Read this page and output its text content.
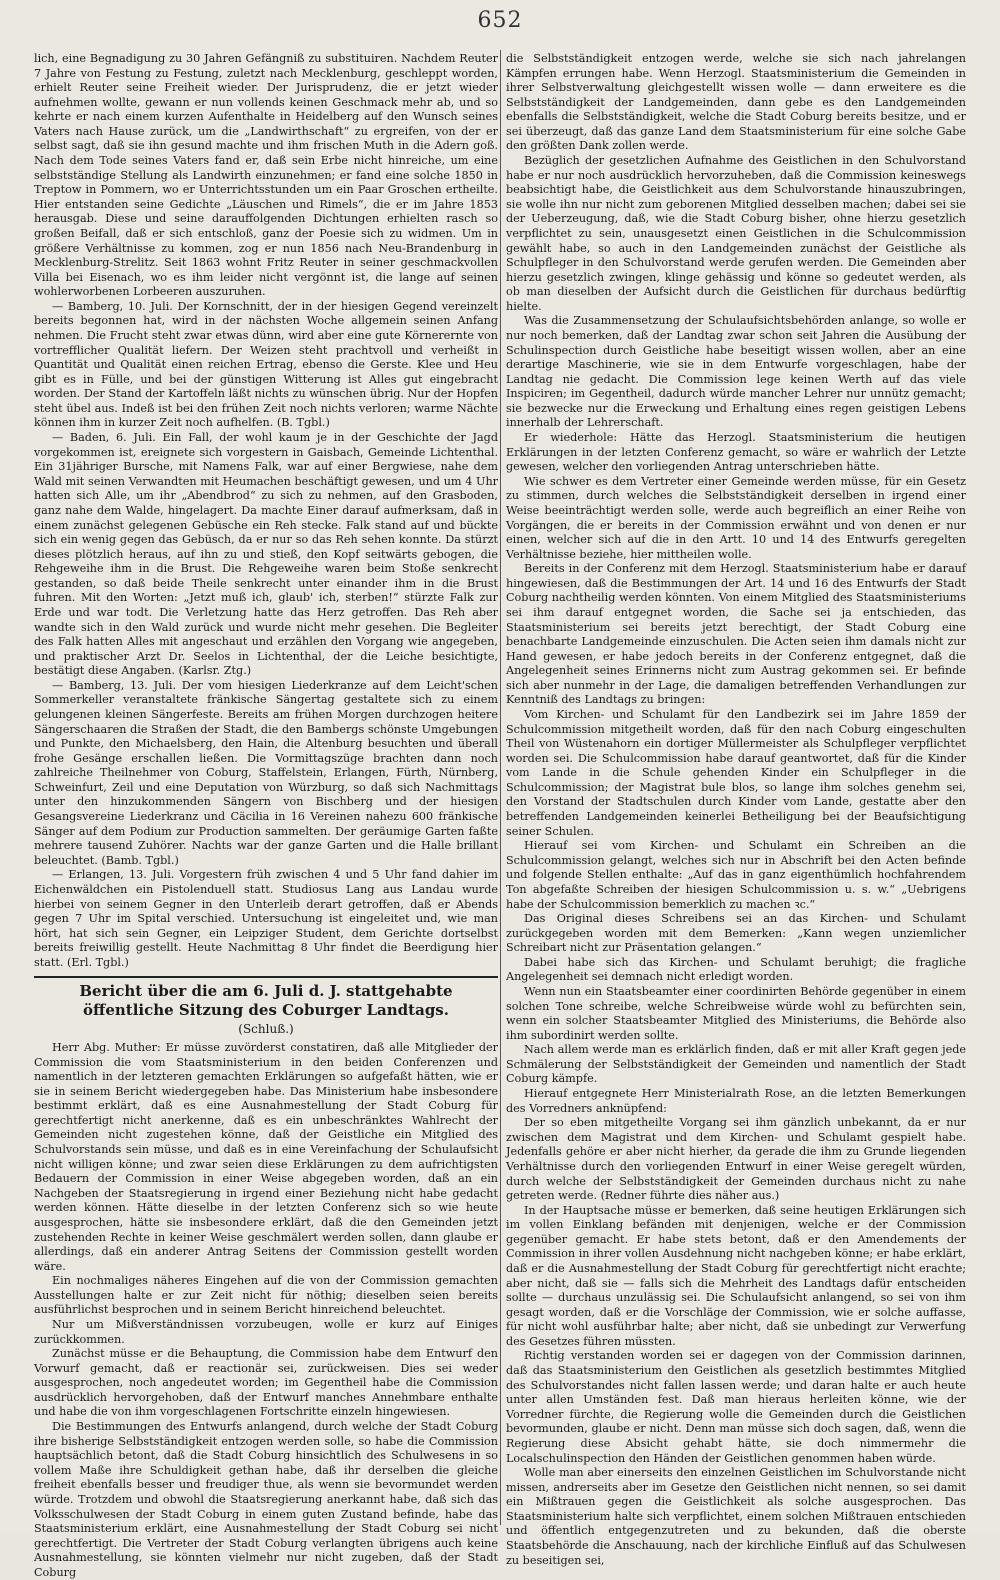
652

lich, eine Begnadigung zu 30 Jahren Gefängniß zu substituiren. Nachdem Reuter 7 Jahre von Festung zu Festung, zuletzt nach Mecklenburg, geschleppt worden, erhielt Reuter seine Freiheit wieder. Der Jurisprudenz, die er jetzt wieder aufnehmen wollte, gewann er nun vollends keinen Geschmack mehr ab, und so kehrte er nach einem kurzen Aufenthalte in Heidelberg auf den Wunsch seines Vaters nach Hause zurück, um die „Landwirthschaft“ zu ergreifen, von der er selbst sagt, daß sie ihn gesund machte und ihm frischen Muth in die Adern goß. Nach dem Tode seines Vaters fand er, daß sein Erbe nicht hinreiche, um eine selbstständige Stellung als Landwirth einzunehmen; er fand eine solche 1850 in Treptow in Pommern, wo er Unterrichtsstunden um ein Paar Groschen ertheilte. Hier entstanden seine Gedichte „Läuschen und Rimels“, die er im Jahre 1853 herausgab. Diese und seine darauffolgenden Dichtungen erhielten rasch so großen Beifall, daß er sich entschloß, ganz der Poesie sich zu widmen. Um in größere Verhältnisse zu kommen, zog er nun 1856 nach Neu-Brandenburg in Mecklenburg-Strelitz. Seit 1863 wohnt Fritz Reuter in seiner geschmackvollen Villa bei Eisenach, wo es ihm leider nicht vergönnt ist, die lange auf seinen wohlerworbenen Lorbeeren auszuruhen.

— Bamberg, 10. Juli. Der Kornschnitt, der in der hiesigen Gegend vereinzelt bereits begonnen hat, wird in der nächsten Woche allgemein seinen Anfang nehmen. Die Frucht steht zwar etwas dünn, wird aber eine gute Körnerernte von vortrefflicher Qualität liefern. Der Weizen steht prachtvoll und verheißt in Quantität und Qualität einen reichen Ertrag, ebenso die Gerste. Klee und Heu gibt es in Fülle, und bei der günstigen Witterung ist Alles gut eingebracht worden. Der Stand der Kartoffeln läßt nichts zu wünschen übrig. Nur der Hopfen steht übel aus. Indeß ist bei den frühen Zeit noch nichts verloren; warme Nächte können ihm in kurzer Zeit noch aufhelfen. (B. Tgbl.)

— Baden, 6. Juli. Ein Fall, der wohl kaum je in der Geschichte der Jagd vorgekommen ist, ereignete sich vorgestern in Gaisbach, Gemeinde Lichtenthal. Ein 31jähriger Bursche, mit Namens Falk, war auf einer Bergwiese, nahe dem Wald mit seinen Verwandten mit Heumachen beschäftigt gewesen, und um 4 Uhr hatten sich Alle, um ihr „Abendbrod“ zu sich zu nehmen, auf den Grasboden, ganz nahe dem Walde, hingelagert. Da machte Einer darauf aufmerksam, daß in einem zunächst gelegenen Gebüsche ein Reh stecke. Falk stand auf und bückte sich ein wenig gegen das Gebüsch, da er nur so das Reh sehen konnte. Da stürzt dieses plötzlich heraus, auf ihn zu und stieß, den Kopf seitwärts gebogen, die Rehgeweihe ihm in die Brust. Die Rehgeweihe waren beim Stoße senkrecht gestanden, so daß beide Theile senkrecht unter einander ihm in die Brust fuhren. Mit den Worten: „Jetzt muß ich, glaub' ich, sterben!“ stürzte Falk zur Erde und war todt. Die Verletzung hatte das Herz getroffen. Das Reh aber wandte sich in den Wald zurück und wurde nicht mehr gesehen. Die Begleiter des Falk hatten Alles mit angeschaut und erzählen den Vorgang wie angegeben, und praktischer Arzt Dr. Seelos in Lichtenthal, der die Leiche besichtigte, bestätigt diese Angaben. (Karlsr. Ztg.)

— Bamberg, 13. Juli. Der vom hiesigen Liederkranze auf dem Leicht'schen Sommerkeller veranstaltete fränkische Sängertag gestaltete sich zu einem gelungenen kleinen Sängerfeste. Bereits am frühen Morgen durchzogen heitere Sängerschaaren die Straßen der Stadt, die den Bambergs schönste Umgebungen und Punkte, den Michaelsberg, den Hain, die Altenburg besuchten und überall frohe Gesänge erschallen ließen. Die Vormittagszüge brachten dann noch zahlreiche Theilnehmer von Coburg, Staffelstein, Erlangen, Fürth, Nürnberg, Schweinfurt, Zeil und eine Deputation von Würzburg, so daß sich Nachmittags unter den hinzukommenden Sängern von Bischberg und der hiesigen Gesangsvereine Liederkranz und Cäcilia in 16 Vereinen nahezu 600 fränkische Sänger auf dem Podium zur Production sammelten. Der geräumige Garten faßte mehrere tausend Zuhörer. Nachts war der ganze Garten und die Halle brillant beleuchtet. (Bamb. Tgbl.)

— Erlangen, 13. Juli. Vorgestern früh zwischen 4 und 5 Uhr fand dahier im Eichenwäldchen ein Pistolenduell statt. Studiosus Lang aus Landau wurde hierbei von seinem Gegner in den Unterleib derart getroffen, daß er Abends gegen 7 Uhr im Spital verschied. Untersuchung ist eingeleitet und, wie man hört, hat sich sein Gegner, ein Leipziger Student, dem Gerichte dortselbst bereits freiwillig gestellt. Heute Nachmittag 8 Uhr findet die Beerdigung hier statt. (Erl. Tgbl.)

Bericht über die am 6. Juli d. J. stattgehabte öffentliche Sitzung des Coburger Landtags.
(Schluß.)

Herr Abg. Muther: Er müsse zuvörderst constatiren, daß alle Mitglieder der Commission die vom Staatsministerium in den beiden Conferenzen und namentlich in der letzteren gemachten Erklärungen so aufgefaßt hätten, wie er sie in seinem Bericht wiedergegeben habe. Das Ministerium habe insbesondere bestimmt erklärt, daß es eine Ausnahmestellung der Stadt Coburg für gerechtfertigt nicht anerkenne, daß es ein unbeschränktes Wahlrecht der Gemeinden nicht zugestehen könne, daß der Geistliche ein Mitglied des Schulvorstands sein müsse, und daß es in eine Vereinfachung der Schulaufsicht nicht willigen könne; und zwar seien diese Erklärungen zu dem aufrichtigsten Bedauern der Commission in einer Weise abgegeben worden, daß an ein Nachgeben der Staatsregierung in irgend einer Beziehung nicht habe gedacht werden können. Hätte dieselbe in der letzten Conferenz sich so wie heute ausgesprochen, hätte sie insbesondere erklärt, daß die den Gemeinden jetzt zustehenden Rechte in keiner Weise geschmälert werden sollen, dann glaube er allerdings, daß ein anderer Antrag Seitens der Commission gestellt worden wäre.

Ein nochmaliges näheres Eingehen auf die von der Commission gemachten Ausstellungen halte er zur Zeit nicht für nöthig; dieselben seien bereits ausführlichst besprochen und in seinem Bericht hinreichend beleuchtet.

Nur um Mißverständnissen vorzubeugen, wolle er kurz auf Einiges zurückkommen.

Zunächst müsse er die Behauptung, die Commission habe dem Entwurf den Vorwurf gemacht, daß er reactionär sei, zurückweisen. Dies sei weder ausgesprochen, noch angedeutet worden; im Gegentheil habe die Commission ausdrücklich hervorgehoben, daß der Entwurf manches Annehmbare enthalte und habe die von ihm vorgeschlagenen Fortschritte einzeln hingewiesen.

Die Bestimmungen des Entwurfs anlangend, durch welche der Stadt Coburg ihre bisherige Selbstständigkeit entzogen werden solle, so habe die Commission hauptsächlich betont, daß die Stadt Coburg hinsichtlich des Schulwesens in so vollem Maße ihre Schuldigkeit gethan habe, daß ihr derselben die gleiche freiheit ebenfalls besser und freudiger thue, als wenn sie bevormundet werden würde. Trotzdem und obwohl die Staatsregierung anerkannt habe, daß sich das Volksschulwesen der Stadt Coburg in einem guten Zustand befinde, habe das Staatsministerium erklärt, eine Ausnahmestellung der Stadt Coburg sei nicht gerechtfertigt. Die Vertreter der Stadt Coburg verlangten übrigens auch keine Ausnahmestellung, sie könnten vielmehr nur nicht zugeben, daß der Stadt Coburg

die Selbstständigkeit entzogen werde, welche sie sich nach jahrelangen Kämpfen errungen habe. Wenn Herzogl. Staatsministerium die Gemeinden in ihrer Selbstverwaltung gleichgestellt wissen wolle — dann erweitere es die Selbstständigkeit der Landgemeinden, dann gebe es den Landgemeinden ebenfalls die Selbstständigkeit, welche die Stadt Coburg bereits besitze, und er sei überzeugt, daß das ganze Land dem Staatsministerium für eine solche Gabe den größten Dank zollen werde.

Bezüglich der gesetzlichen Aufnahme des Geistlichen in den Schulvorstand habe er nur noch ausdrücklich hervorzuheben, daß die Commission keineswegs beabsichtigt habe, die Geistlichkeit aus dem Schulvorstande hinauszubringen, sie wolle ihn nur nicht zum geborenen Mitglied desselben machen; dabei sei sie der Ueberzeugung, daß, wie die Stadt Coburg bisher, ohne hierzu gesetzlich verpflichtet zu sein, unausgesetzt einen Geistlichen in die Schulcommission gewählt habe, so auch in den Landgemeinden zunächst der Geistliche als Schulpfleger in den Schulvorstand werde gerufen werden. Die Gemeinden aber hierzu gesetzlich zwingen, klinge gehässig und könne so gedeutet werden, als ob man dieselben der Aufsicht durch die Geistlichen für durchaus bedürftig hielte.

Was die Zusammensetzung der Schulaufsichtsbehörden anlange, so wolle er nur noch bemerken, daß der Landtag zwar schon seit Jahren die Ausübung der Schulinspection durch Geistliche habe beseitigt wissen wollen, aber an eine derartige Maschinerie, wie sie in dem Entwurfe vorgeschlagen, habe der Landtag nie gedacht. Die Commission lege keinen Werth auf das viele Inspiciren; im Gegentheil, dadurch würde mancher Lehrer nur unnütz gemacht; sie bezwecke nur die Erweckung und Erhaltung eines regen geistigen Lebens innerhalb der Lehrerschaft.

Er wiederhole: Hätte das Herzogl. Staatsministerium die heutigen Erklärungen in der letzten Conferenz gemacht, so wäre er wahrlich der Letzte gewesen, welcher den vorliegenden Antrag unterschrieben hätte.

Wie schwer es dem Vertreter einer Gemeinde werden müsse, für ein Gesetz zu stimmen, durch welches die Selbstständigkeit derselben in irgend einer Weise beeinträchtigt werden solle, werde auch begreiflich an einer Reihe von Vorgängen, die er bereits in der Commission erwähnt und von denen er nur einen, welcher sich auf die in den Artt. 10 und 14 des Entwurfs geregelten Verhältnisse beziehe, hier mittheilen wolle.

Bereits in der Conferenz mit dem Herzogl. Staatsministerium habe er darauf hingewiesen, daß die Bestimmungen der Art. 14 und 16 des Entwurfs der Stadt Coburg nachtheilig werden könnten. Von einem Mitglied des Staatsministeriums sei ihm darauf entgegnet worden, die Sache sei ja entschieden, das Staatsministerium sei bereits jetzt berechtigt, der Stadt Coburg eine benachbarte Landgemeinde einzuschulen. Die Acten seien ihm damals nicht zur Hand gewesen, er habe jedoch bereits in der Conferenz entgegnet, daß die Angelegenheit seines Erinnerns nicht zum Austrag gekommen sei. Er befinde sich aber nunmehr in der Lage, die damaligen betreffenden Verhandlungen zur Kenntniß des Landtags zu bringen:

Vom Kirchen- und Schulamt für den Landbezirk sei im Jahre 1859 der Schulcommission mitgetheilt worden, daß für den nach Coburg eingeschulten Theil von Wüstenahorn ein dortiger Müllermeister als Schulpfleger verpflichtet worden sei. Die Schulcommission habe darauf geantwortet, daß für die Kinder vom Lande in die Schule gehenden Kinder ein Schulpfleger in die Schulcommission; der Magistrat bule blos, so lange ihm solches genehm sei, den Vorstand der Stadtschulen durch Kinder vom Lande, gestatte aber den betreffenden Landgemeinden keinerlei Betheiligung bei der Beaufsichtigung seiner Schulen.

Hierauf sei vom Kirchen- und Schulamt ein Schreiben an die Schulcommission gelangt, welches sich nur in Abschrift bei den Acten befinde und folgende Stellen enthalte: „Auf das in ganz eigenthümlich hochfahrendem Ton abgefaßte Schreiben der hiesigen Schulcommission u. s. w.“ „Uebrigens habe der Schulcommission bemerklich zu machen ꝛc.“

Das Original dieses Schreibens sei an das Kirchen- und Schulamt zurückgegeben worden mit dem Bemerken: „Kann wegen unziemlicher Schreibart nicht zur Präsentation gelangen.“

Dabei habe sich das Kirchen- und Schulamt beruhigt; die fragliche Angelegenheit sei demnach nicht erledigt worden.

Wenn nun ein Staatsbeamter einer coordinirten Behörde gegenüber in einem solchen Tone schreibe, welche Schreibweise würde wohl zu befürchten sein, wenn ein solcher Staatsbeamter Mitglied des Ministeriums, die Behörde also ihm subordinirt werden sollte.

Nach allem werde man es erklärlich finden, daß er mit aller Kraft gegen jede Schmälerung der Selbstständigkeit der Gemeinden und namentlich der Stadt Coburg kämpfe.

Hierauf entgegnete Herr Ministerialrath Rose, an die letzten Bemerkungen des Vorredners anknüpfend:

Der so eben mitgetheilte Vorgang sei ihm gänzlich unbekannt, da er nur zwischen dem Magistrat und dem Kirchen- und Schulamt gespielt habe. Jedenfalls gehöre er aber nicht hierher, da gerade die ihm zu Grunde liegenden Verhältnisse durch den vorliegenden Entwurf in einer Weise geregelt würden, durch welche der Selbstständigkeit der Gemeinden durchaus nicht zu nahe getreten werde. (Redner führte dies näher aus.)

In der Hauptsache müsse er bemerken, daß seine heutigen Erklärungen sich im vollen Einklang befänden mit denjenigen, welche er der Commission gegenüber gemacht. Er habe stets betont, daß er den Amendements der Commission in ihrer vollen Ausdehnung nicht nachgeben könne; er habe erklärt, daß er die Ausnahmestellung der Stadt Coburg für gerechtfertigt nicht erachte; aber nicht, daß sie — falls sich die Mehrheit des Landtags dafür entscheiden sollte — durchaus unzulässig sei. Die Schulaufsicht anlangend, so sei von ihm gesagt worden, daß er die Vorschläge der Commission, wie er solche auffasse, für nicht wohl ausführbar halte; aber nicht, daß sie unbedingt zur Verwerfung des Gesetzes führen müssten.

Richtig verstanden worden sei er dagegen von der Commission darinnen, daß das Staatsministerium den Geistlichen als gesetzlich bestimmtes Mitglied des Schulvorstandes nicht fallen lassen werde; und daran halte er auch heute unter allen Umständen fest. Daß man hieraus herleiten könne, wie der Vorredner fürchte, die Regierung wolle die Gemeinden durch die Geistlichen bevormunden, glaube er nicht. Denn man müsse sich doch sagen, daß, wenn die Regierung diese Absicht gehabt hätte, sie doch nimmermehr die Localschulinspection den Händen der Geistlichen genommen haben würde.

Wolle man aber einerseits den einzelnen Geistlichen im Schulvorstande nicht missen, andrerseits aber im Gesetze den Geistlichen nicht nennen, so sei damit ein Mißtrauen gegen die Geistlichkeit als solche ausgesprochen. Das Staatsministerium halte sich verpflichtet, einem solchen Mißtrauen entschieden und öffentlich entgegenzutreten und zu bekunden, daß die oberste Staatsbehörde die Anschauung, nach der kirchliche Einfluß auf das Schulwesen zu beseitigen sei,
